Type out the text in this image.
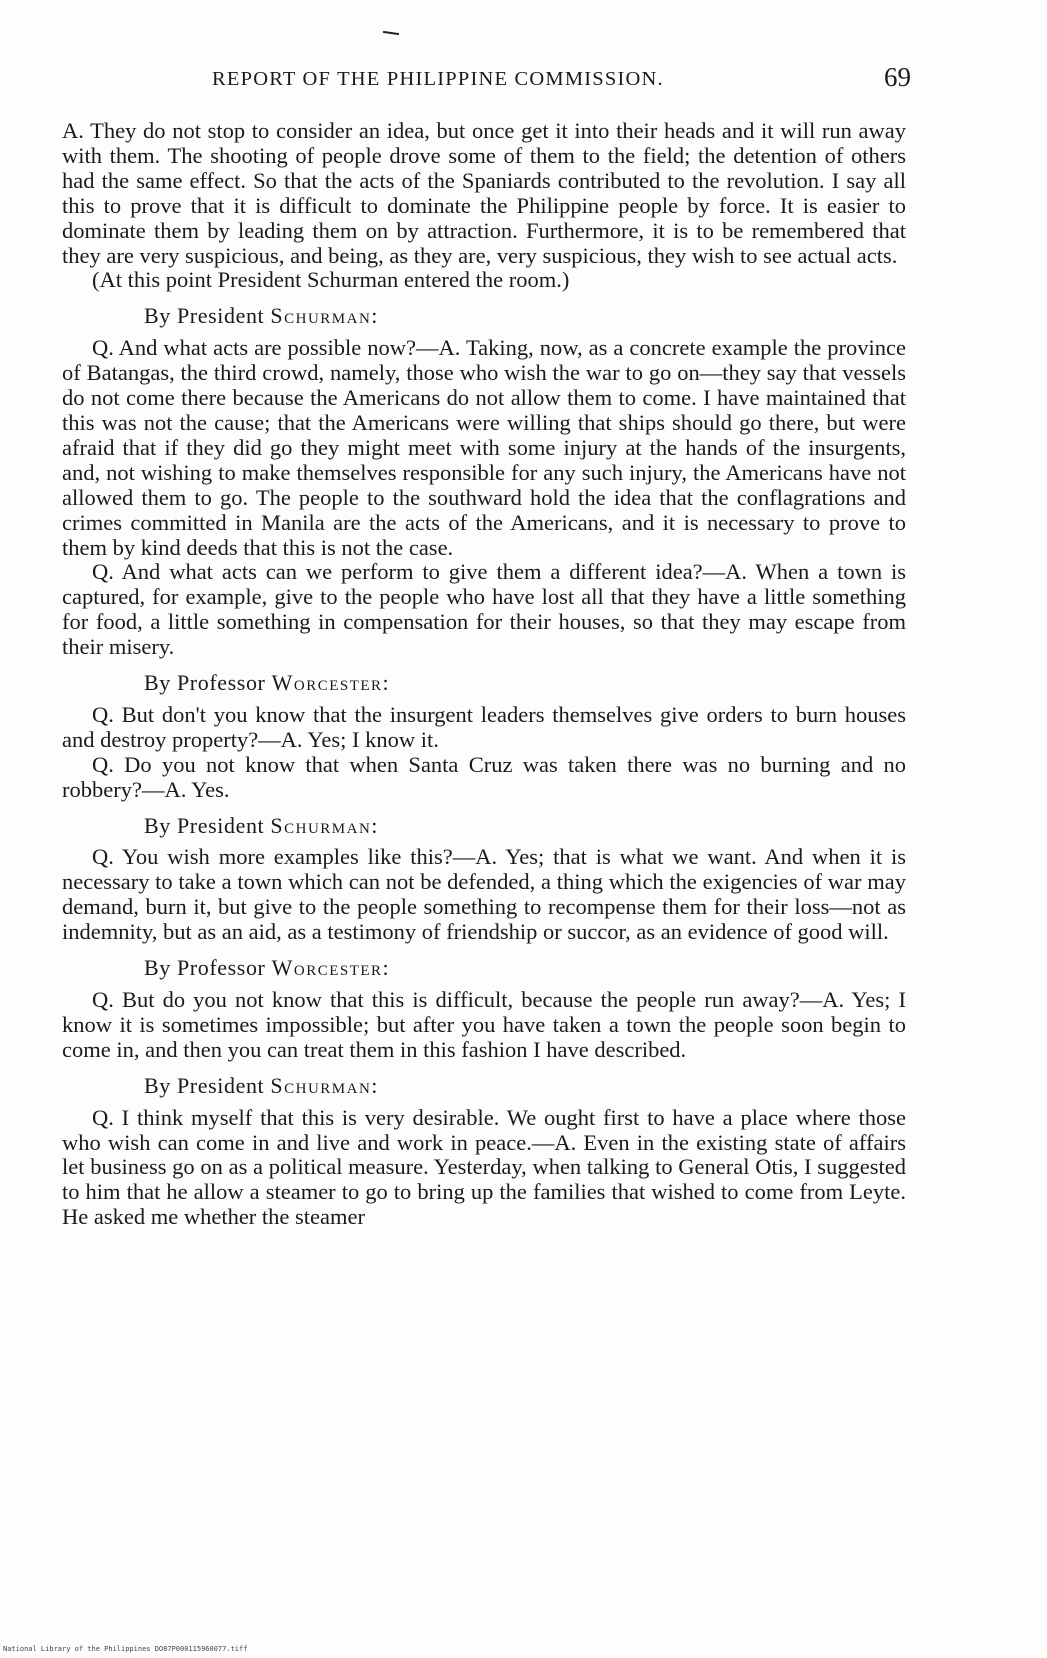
REPORT OF THE PHILIPPINE COMMISSION.	69

A. They do not stop to consider an idea, but once get it into their heads and it will run away with them. The shooting of people drove some of them to the field; the detention of others had the same effect. So that the acts of the Spaniards contributed to the revolution. I say all this to prove that it is difficult to dominate the Philippine people by force. It is easier to dominate them by leading them on by attraction. Furthermore, it is to be remembered that they are very suspicious, and being, as they are, very suspicious, they wish to see actual acts.

(At this point President Schurman entered the room.)

By President Schurman:

Q. And what acts are possible now?—A. Taking, now, as a concrete example the province of Batangas, the third crowd, namely, those who wish the war to go on—they say that vessels do not come there because the Americans do not allow them to come. I have maintained that this was not the cause; that the Americans were willing that ships should go there, but were afraid that if they did go they might meet with some injury at the hands of the insurgents, and, not wishing to make themselves responsible for any such injury, the Americans have not allowed them to go. The people to the southward hold the idea that the conflagrations and crimes committed in Manila are the acts of the Americans, and it is necessary to prove to them by kind deeds that this is not the case.

Q. And what acts can we perform to give them a different idea?—A. When a town is captured, for example, give to the people who have lost all that they have a little something for food, a little something in compensation for their houses, so that they may escape from their misery.

By Professor Worcester:

Q. But don't you know that the insurgent leaders themselves give orders to burn houses and destroy property?—A. Yes; I know it.

Q. Do you not know that when Santa Cruz was taken there was no burning and no robbery?—A. Yes.

By President Schurman:

Q. You wish more examples like this?—A. Yes; that is what we want. And when it is necessary to take a town which can not be defended, a thing which the exigencies of war may demand, burn it, but give to the people something to recompense them for their loss—not as indemnity, but as an aid, as a testimony of friendship or succor, as an evidence of good will.

By Professor Worcester:

Q. But do you not know that this is difficult, because the people run away?—A. Yes; I know it is sometimes impossible; but after you have taken a town the people soon begin to come in, and then you can treat them in this fashion I have described.

By President Schurman:

Q. I think myself that this is very desirable. We ought first to have a place where those who wish can come in and live and work in peace.—A. Even in the existing state of affairs let business go on as a political measure. Yesterday, when talking to General Otis, I suggested to him that he allow a steamer to go to bring up the families that wished to come from Leyte. He asked me whether the steamer

National Library of the Philippines DO87P000115960077.tiff
